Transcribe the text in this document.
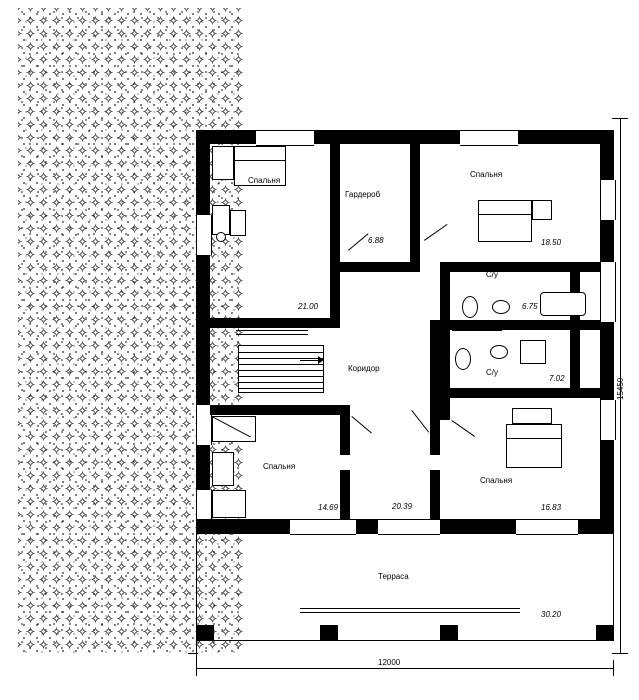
15450
12000
Терраса
30.20
Спальня
21.00
Гардероб
6.88
Спальня
18.50
С/у
6.75
С/у
7.02
Коридор
20.39
Спальня
14.69
Спальня
16.83
